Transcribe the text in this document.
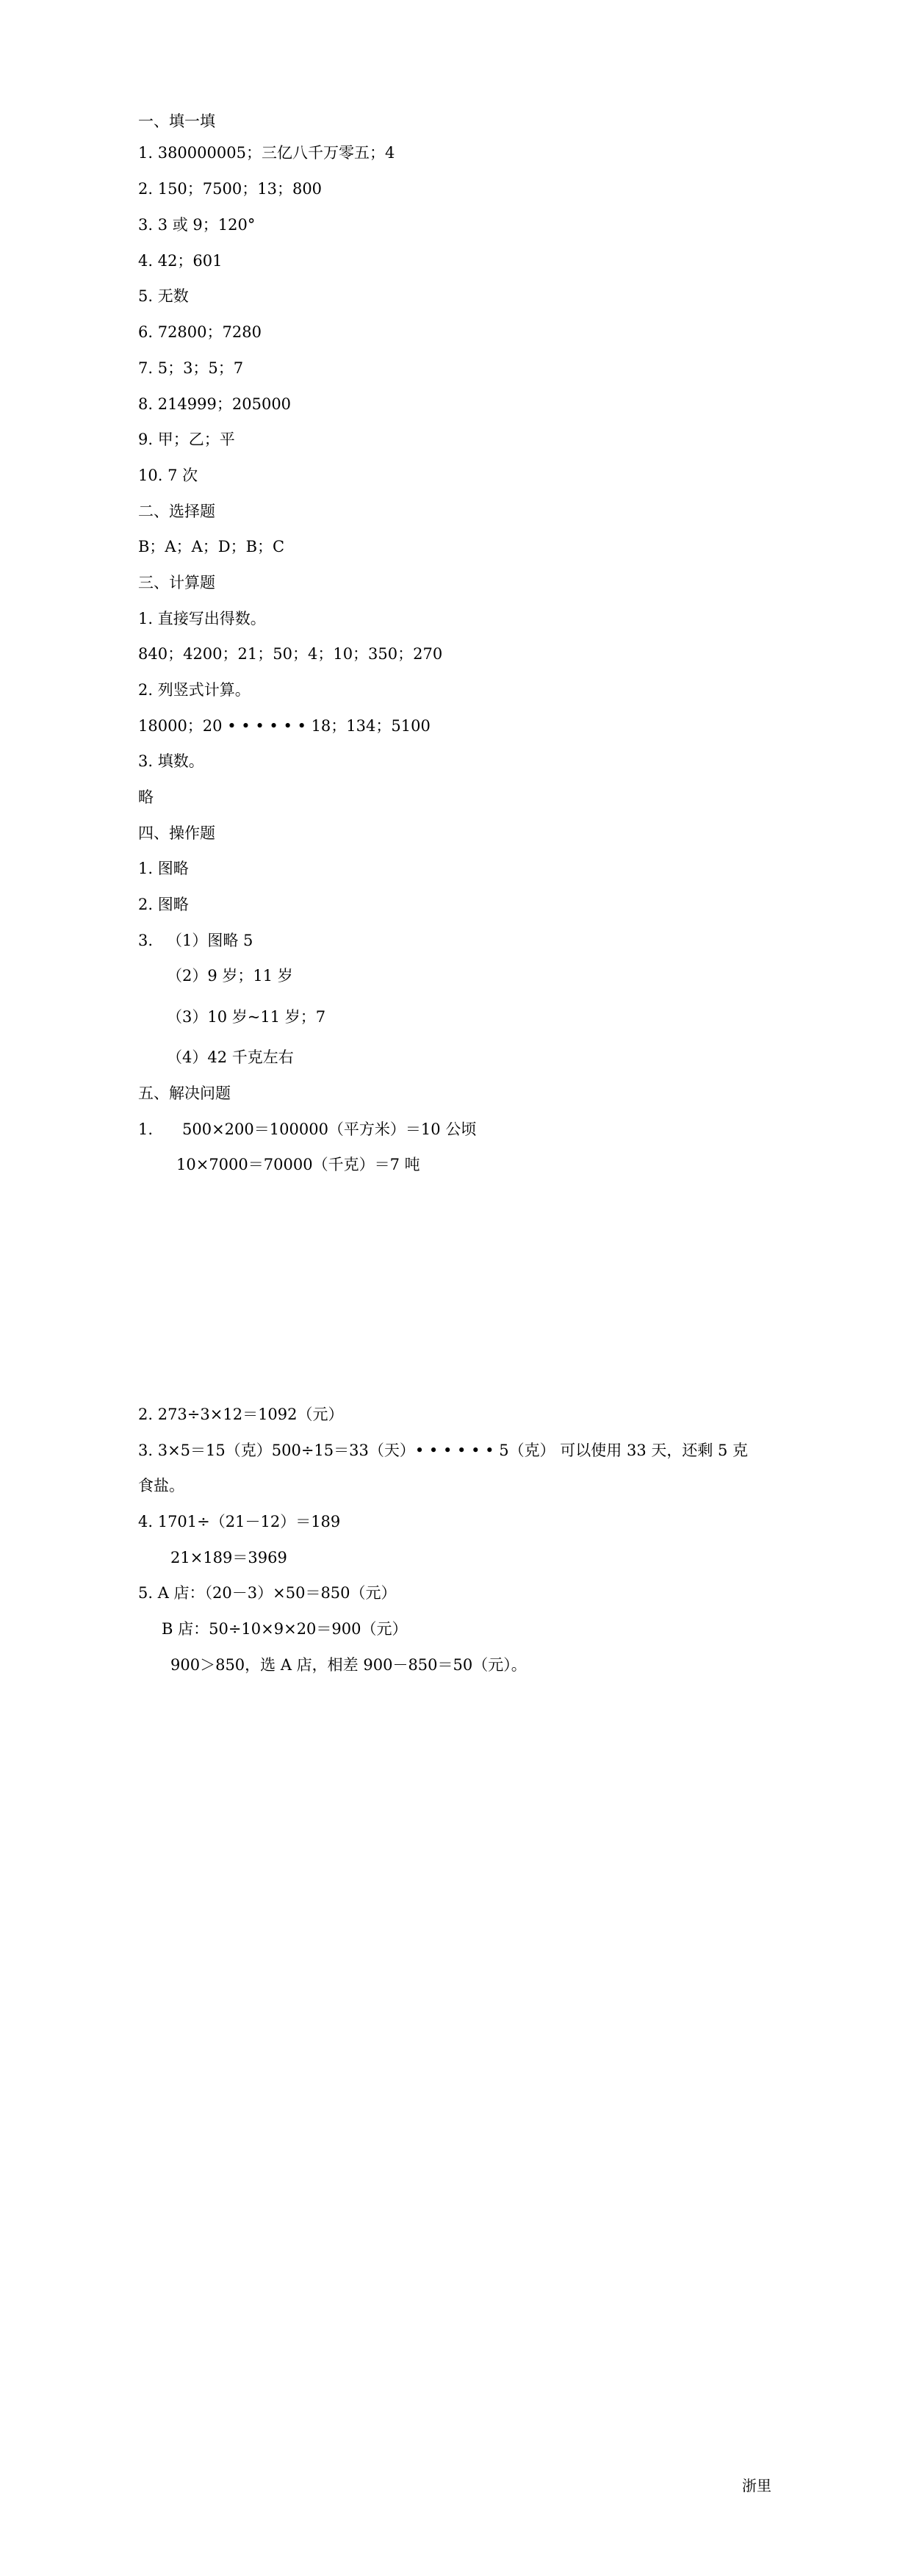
一、填一填
1. 380000005；三亿八千万零五；4
2. 150；7500；13；800
3. 3 或 9；120°
4. 42；601
5. 无数
6. 72800；7280
7. 5；3；5；7
8. 214999；205000
9. 甲；乙；平
10. 7 次
二、选择题
B；A；A；D；B；C
三、计算题
1. 直接写出得数。
840；4200；21；50；4；10；350；270
2. 列竖式计算。
18000；20 • • • • • • 18；134；5100
3. 填数。
略
四、操作题
1. 图略
2. 图略
3. （1）图略 5
（2）9 岁；11 岁
（3）10 岁~11 岁；7
（4）42 千克左右
五、解决问题
1. 500×200＝100000（平方米）＝10 公顷
10×7000＝70000（千克）＝7 吨
2. 273÷3×12＝1092（元）
3. 3×5＝15（克）500÷15＝33（天）• • • • • • 5（克） 可以使用 33 天，还剩 5 克
食盐。
4. 1701÷（21－12）＝189
21×189＝3969
5. A 店：（20－3）×50＝850（元）
B 店：50÷10×9×20＝900（元）
900＞850，选 A 店，相差 900－850＝50（元）。
浙里
